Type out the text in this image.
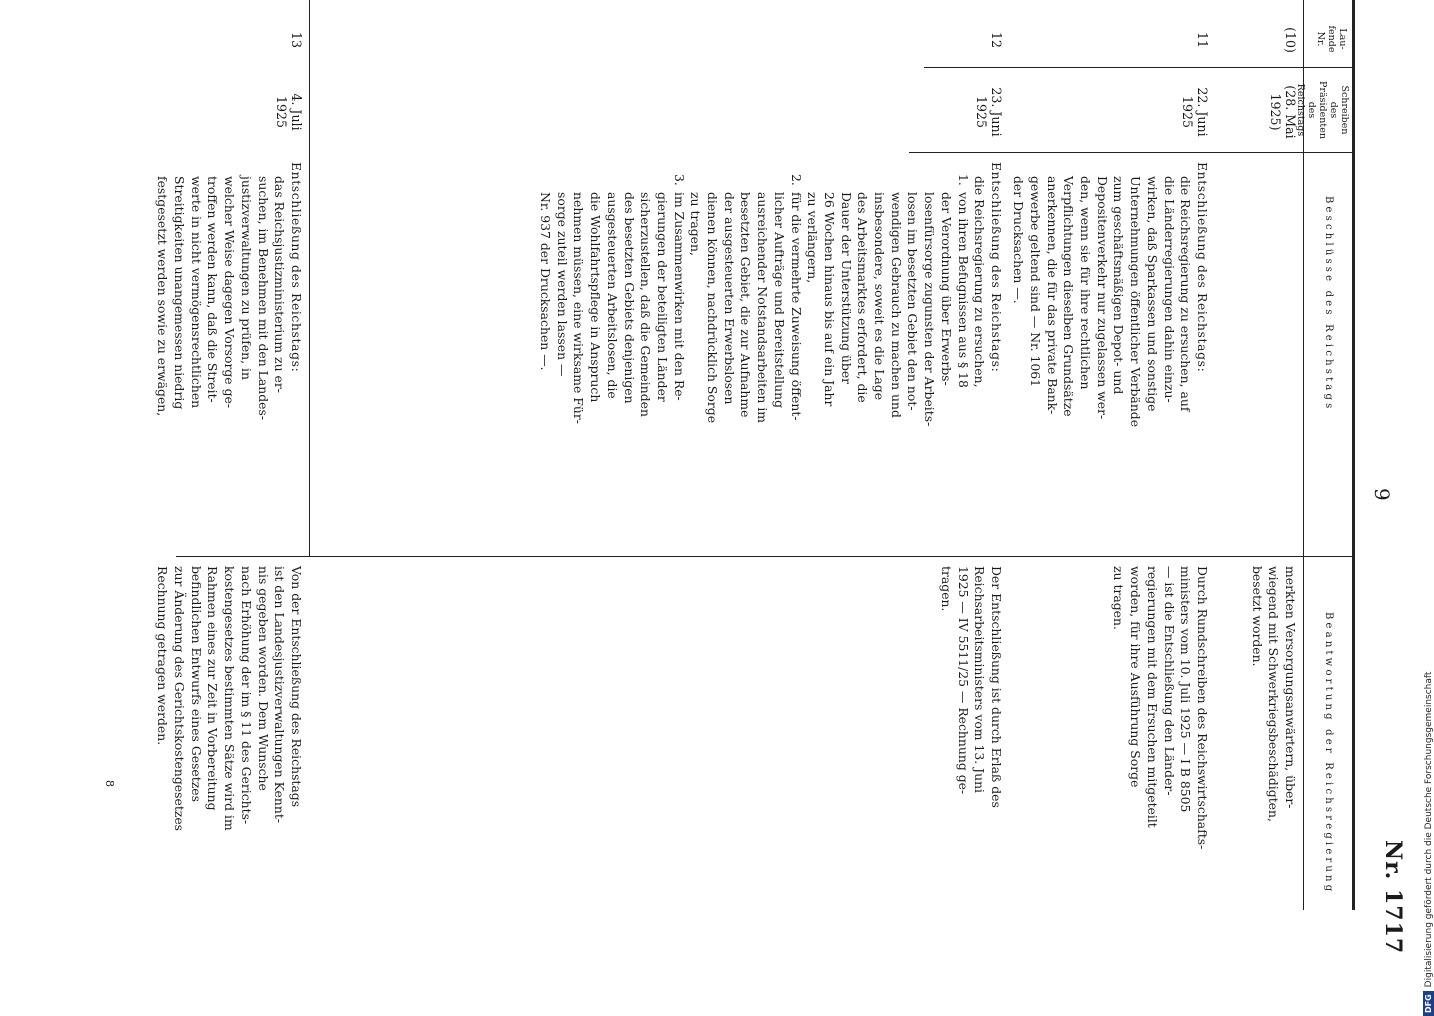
9
Nr. 1717
Lau-
fende
Nr.
Schreiben
des
Präsidenten
des
Reichstags
Beschlüsse des Reichstags
Beantwortung der Reichsregierung
(10)
(28. Mai
1925)
merkten Versorgungsanwärtern, über-
wiegend mit Schwerkriegsbeschädigten,
besetzt worden.
11
22. Juni
1925

Entschließung des Reichstags:

die Reichsregierung zu ersuchen, auf
die Länderregierungen dahin einzu-
wirken, daß Sparkassen und sonstige
Unternehmungen öffentlicher Verbände
zum geschäftsmäßigen Depot- und
Depositenverkehr nur zugelassen wer-
den, wenn sie für ihre rechtlichen
Verpflichtungen dieselben Grundsätze
anerkennen, die für das private Bank-
gewerbe geltend sind — Nr. 1061
der Drucksachen —.

Durch Rundschreiben des Reichswirtschafts-
ministers vom 10. Juli 1925 — I B 8505
— ist die Entschließung den Länder-
regierungen mit dem Ersuchen mitgeteilt
worden, für ihre Ausführung Sorge
zu tragen.
12
23. Juni
1925

Entschließung des Reichstags:

die Reichsregierung zu ersuchen,

1.
von ihren Befugnissen aus § 18
der Verordnung über Erwerbs-
losenfürsorge zugunsten der Arbeits-
losen im besetzten Gebiet den not-
wendigen Gebrauch zu machen und
insbesondere, soweit es die Lage
des Arbeitsmarktes erfordert, die
Dauer der Unterstützung über
26 Wochen hinaus bis auf ein Jahr
zu verlängern,
2.
für die vermehrte Zuweisung öffent-
licher Aufträge und Bereitstellung
ausreichender Notstandsarbeiten im
besetzten Gebiet, die zur Aufnahme
der ausgesteuerten Erwerbslosen
dienen können, nachdrücklich Sorge
zu tragen,
3.
im Zusammenwirken mit den Re-
gierungen der beteiligten Länder
sicherzustellen, daß die Gemeinden
des besetzten Gebiets denjenigen
ausgesteuerten Arbeitslosen, die
die Wohlfahrtspflege in Anspruch
nehmen müssen, eine wirksame Für-
sorge zuteil werden lassen —
Nr. 937 der Drucksachen —.
Der Entschließung ist durch Erlaß des
Reichsarbeitsministers vom 13. Juni
1925 — IV 5511/25 — Rechnung ge-
tragen.
13
4. Juli
1925

Entschließung des Reichstags:

das Reichsjustizministerium zu er-
suchen, im Benehmen mit den Landes-
justizverwaltungen zu prüfen, in
welcher Weise dagegen Vorsorge ge-
troffen werden kann, daß die Streit-
werte in nicht vermögensrechtlichen
Streitigkeiten unangemessen niedrig
festgesetzt werden sowie zu erwägen,

Von der Entschließung des Reichstags
ist den Landesjustizverwaltungen Kennt-
nis gegeben worden. Dem Wunsche
nach Erhöhung der im § 11 des Gerichts-
kostengesetzes bestimmten Sätze wird im
Rahmen eines zur Zeit in Vorbereitung
befindlichen Entwurfs eines Gesetzes
zur Änderung des Gerichtskostengesetzes
Rechnung getragen werden.
8
DFGDigitalisierung gefördert durch die Deutsche Forschungsgemeinschaft
